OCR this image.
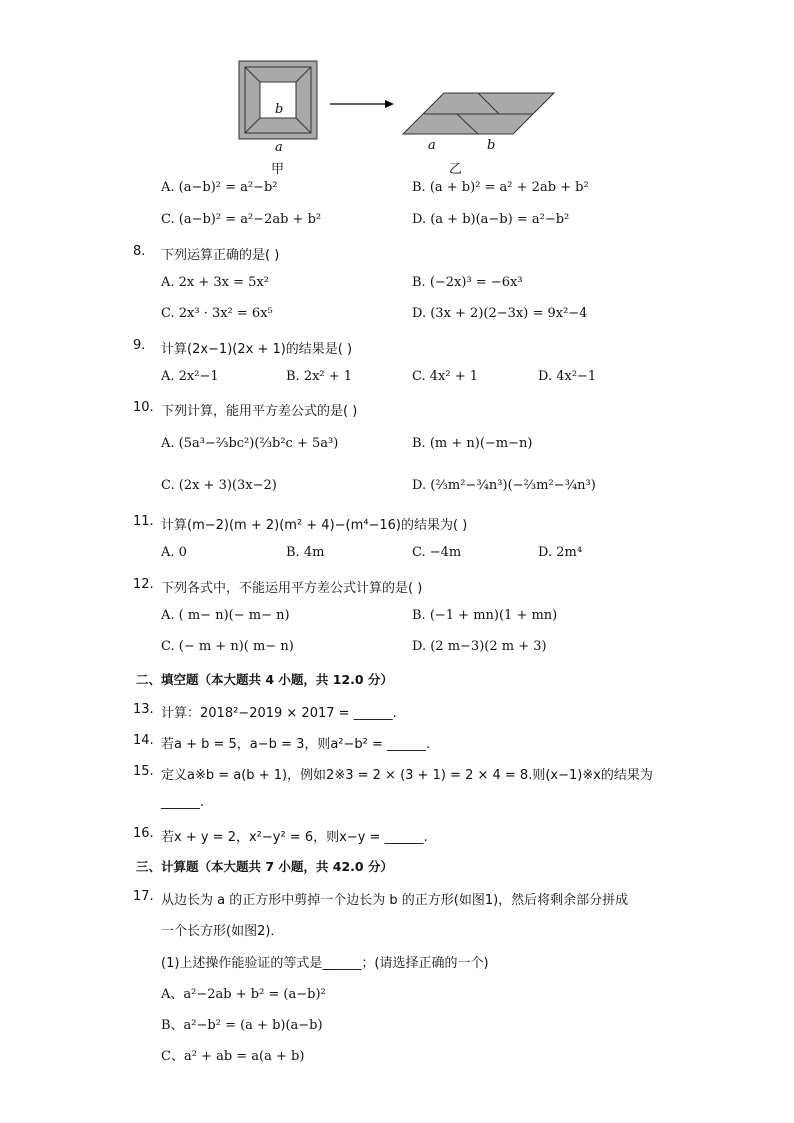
b
a
甲
a	b
乙
A. (a−b)² = a²−b²	B. (a + b)² = a² + 2ab + b²
C. (a−b)² = a²−2ab + b²	D. (a + b)(a−b) = a²−b²
8. 下列运算正确的是( )
A. 2x + 3x = 5x²	B. (−2x)³ = −6x³
C. 2x³ · 3x² = 6x⁵	D. (3x + 2)(2−3x) = 9x²−4
9. 计算(2x−1)(2x + 1)的结果是( )
A. 2x²−1	B. 2x² + 1	C. 4x² + 1	D. 4x²−1
10. 下列计算，能用平方差公式的是( )
A. (5a³−⅔bc²)(⅔b²c + 5a³)	B. (m + n)(−m−n)
C. (2x + 3)(3x−2)	D. (⅔m²−¾n³)(−⅔m²−¾n³)
11. 计算(m−2)(m + 2)(m² + 4)−(m⁴−16)的结果为( )
A. 0	B. 4m	C. −4m	D. 2m⁴
12. 下列各式中，不能运用平方差公式计算的是( )
A. ( m− n)(− m− n)	B. (−1 + mn)(1 + mn)
C. (− m + n)( m− n)	D. (2 m−3)(2 m + 3)
二、填空题（本大题共 4 小题，共 12.0 分）
13. 计算：2018²−2019 × 2017 = ______.
14. 若a + b = 5，a−b = 3，则a²−b² = ______.
15. 定义a※b = a(b + 1)，例如2※3 = 2 × (3 + 1) = 2 × 4 = 8.则(x−1)※x的结果为
______.
16. 若x + y = 2，x²−y² = 6，则x−y = ______.
三、计算题（本大题共 7 小题，共 42.0 分）
17. 从边长为 a 的正方形中剪掉一个边长为 b 的正方形(如图1)，然后将剩余部分拼成
一个长方形(如图2)．
(1)上述操作能验证的等式是______；(请选择正确的一个)
A、a²−2ab + b² = (a−b)²
B、a²−b² = (a + b)(a−b)
C、a² + ab = a(a + b)
